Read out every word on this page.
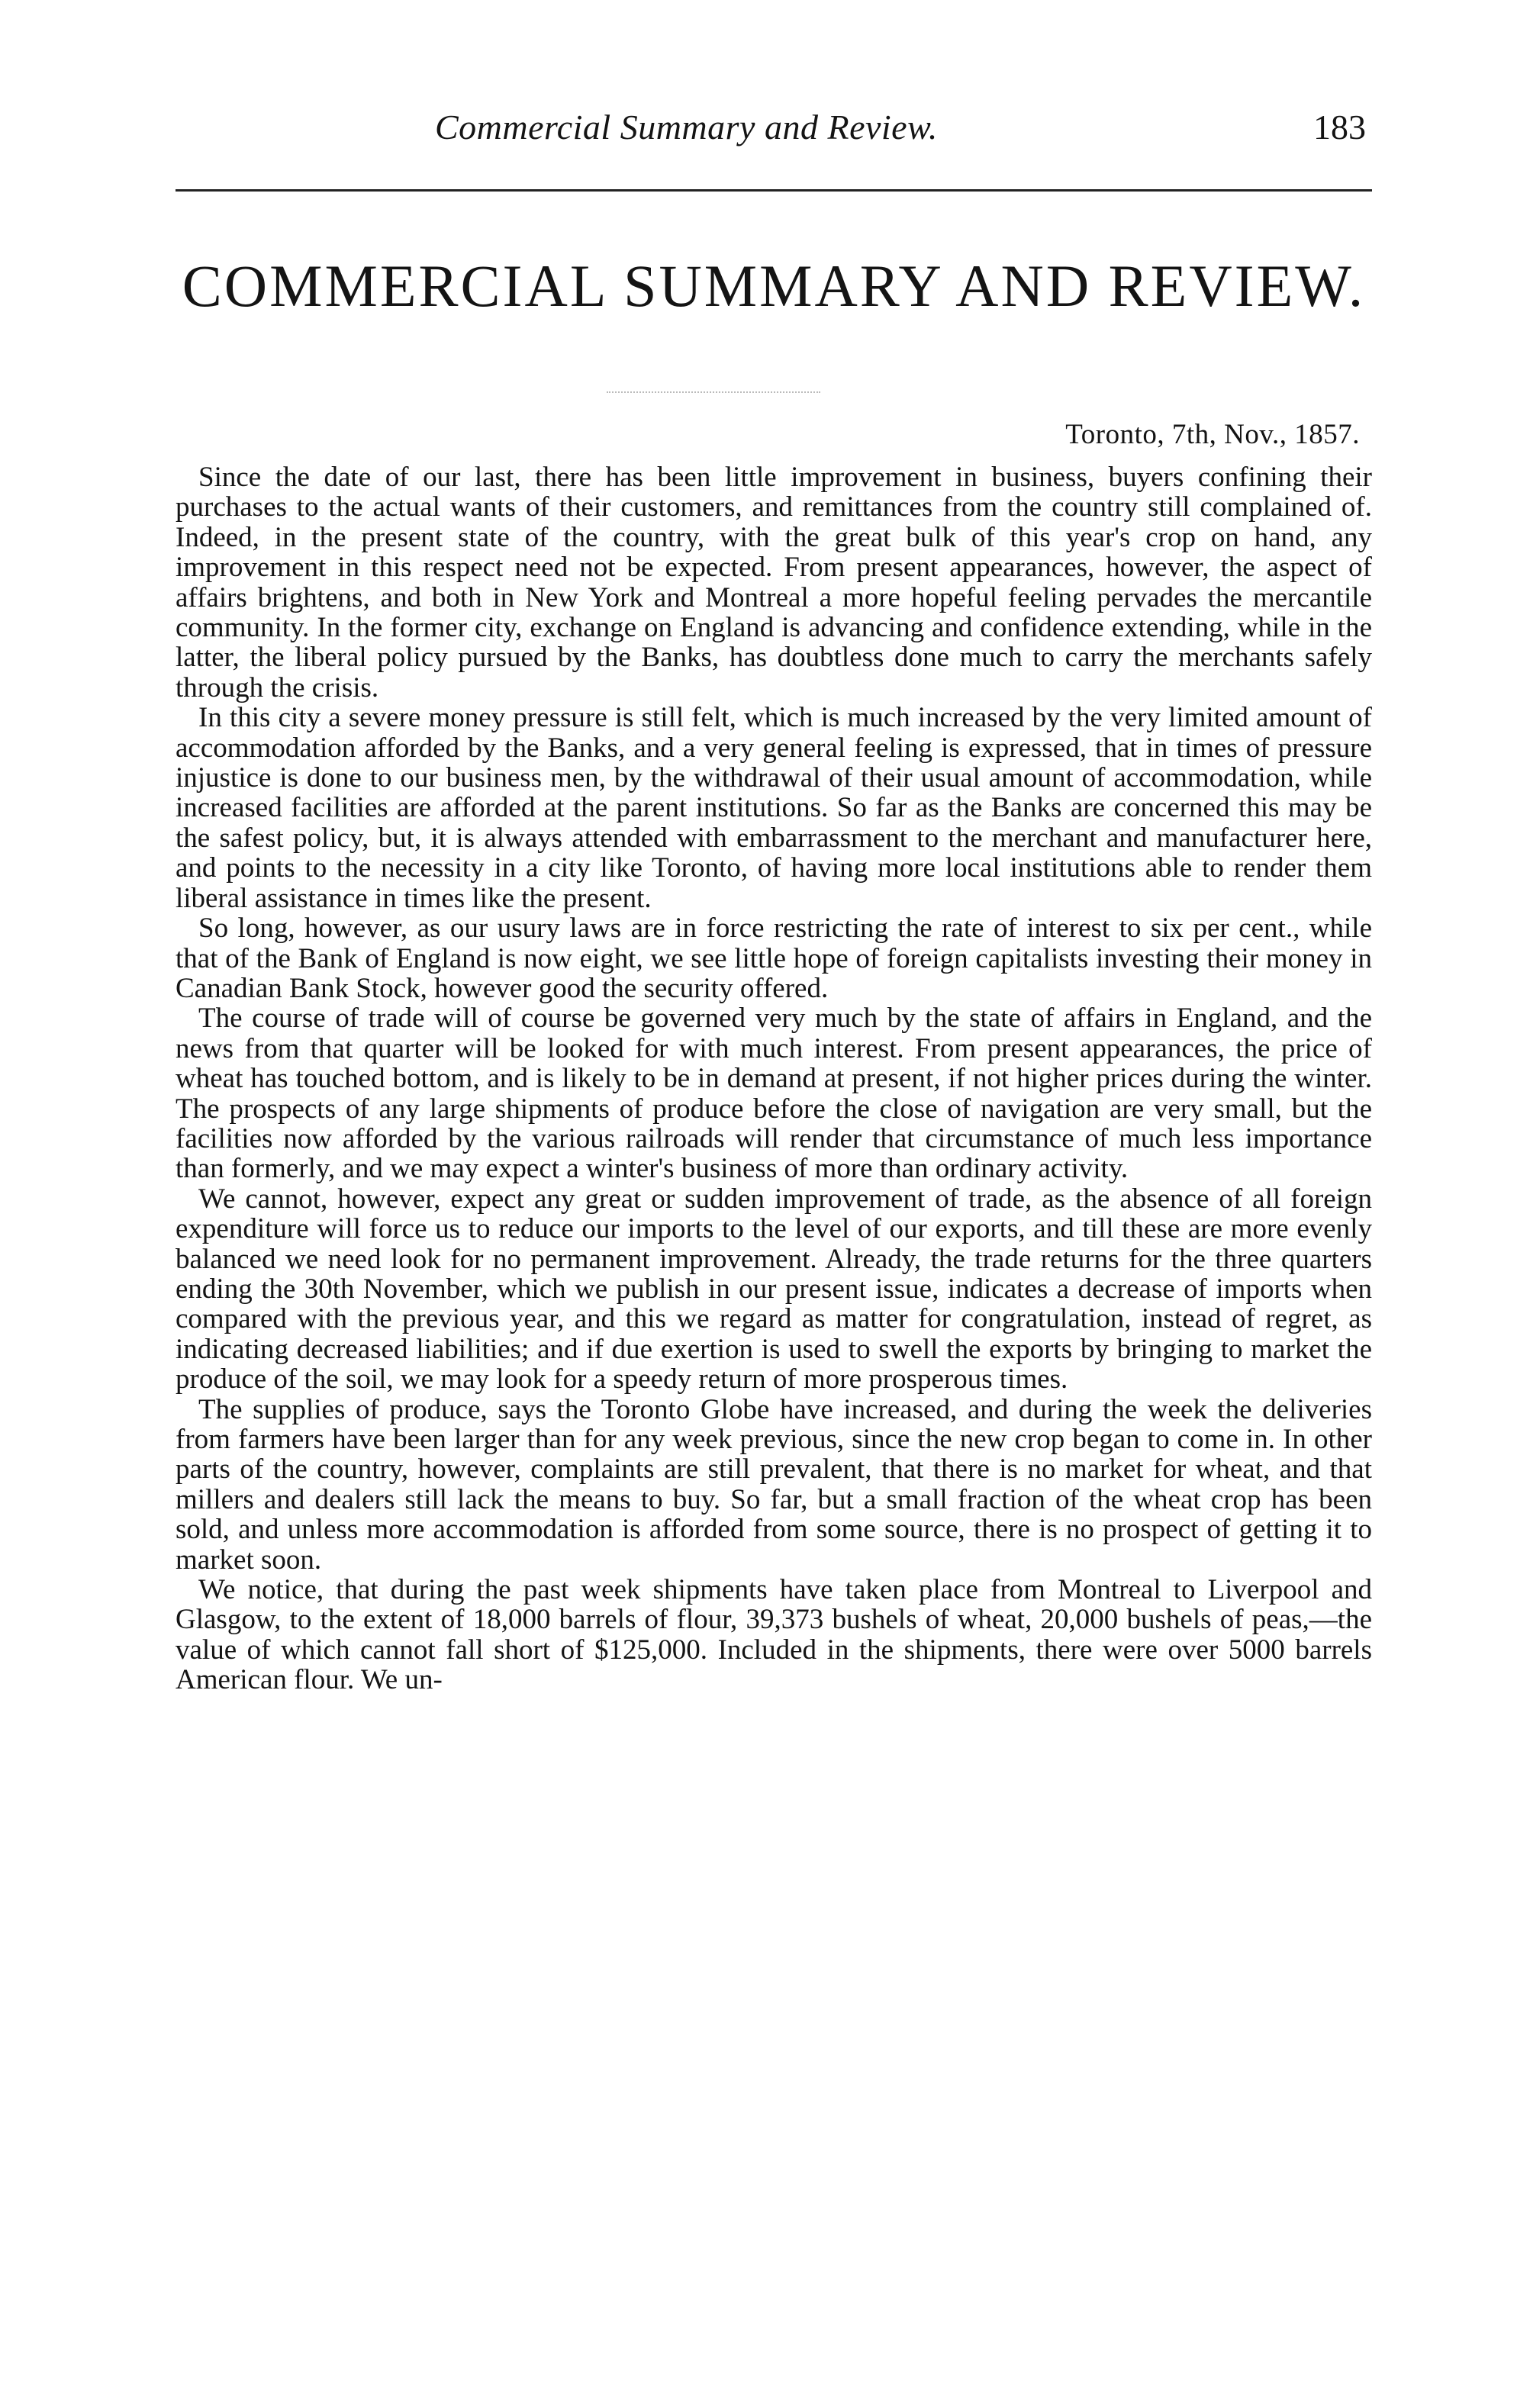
Commercial Summary and Review.	183
COMMERCIAL SUMMARY AND REVIEW.
Toronto, 7th, Nov., 1857.

Since the date of our last, there has been little improvement in business, buyers confining their purchases to the actual wants of their customers, and remittances from the country still complained of. Indeed, in the present state of the country, with the great bulk of this year's crop on hand, any improvement in this respect need not be expected. From present appearances, however, the aspect of affairs brightens, and both in New York and Montreal a more hopeful feeling pervades the mercantile community. In the former city, exchange on England is advancing and confidence extending, while in the latter, the liberal policy pursued by the Banks, has doubtless done much to carry the merchants safely through the crisis.

In this city a severe money pressure is still felt, which is much increased by the very limited amount of accommodation afforded by the Banks, and a very general feeling is expressed, that in times of pressure injustice is done to our business men, by the withdrawal of their usual amount of accommodation, while increased facilities are afforded at the parent institutions. So far as the Banks are concerned this may be the safest policy, but, it is always attended with embarrassment to the merchant and manufacturer here, and points to the necessity in a city like Toronto, of having more local institutions able to render them liberal assistance in times like the present.

So long, however, as our usury laws are in force restricting the rate of interest to six per cent., while that of the Bank of England is now eight, we see little hope of foreign capitalists investing their money in Canadian Bank Stock, however good the security offered.

The course of trade will of course be governed very much by the state of affairs in England, and the news from that quarter will be looked for with much interest. From present appearances, the price of wheat has touched bottom, and is likely to be in demand at present, if not higher prices during the winter. The prospects of any large shipments of produce before the close of navigation are very small, but the facilities now afforded by the various railroads will render that circumstance of much less importance than formerly, and we may expect a winter's business of more than ordinary activity.

We cannot, however, expect any great or sudden improvement of trade, as the absence of all foreign expenditure will force us to reduce our imports to the level of our exports, and till these are more evenly balanced we need look for no permanent improvement. Already, the trade returns for the three quarters ending the 30th November, which we publish in our present issue, indicates a decrease of imports when compared with the previous year, and this we regard as matter for congratulation, instead of regret, as indicating decreased liabilities; and if due exertion is used to swell the exports by bringing to market the produce of the soil, we may look for a speedy return of more prosperous times.

The supplies of produce, says the Toronto Globe have increased, and during the week the deliveries from farmers have been larger than for any week previous, since the new crop began to come in. In other parts of the country, however, complaints are still prevalent, that there is no market for wheat, and that millers and dealers still lack the means to buy. So far, but a small fraction of the wheat crop has been sold, and unless more accommodation is afforded from some source, there is no prospect of getting it to market soon.

We notice, that during the past week shipments have taken place from Montreal to Liverpool and Glasgow, to the extent of 18,000 barrels of flour, 39,373 bushels of wheat, 20,000 bushels of peas,—the value of which cannot fall short of $125,000. Included in the shipments, there were over 5000 barrels American flour. We un-
